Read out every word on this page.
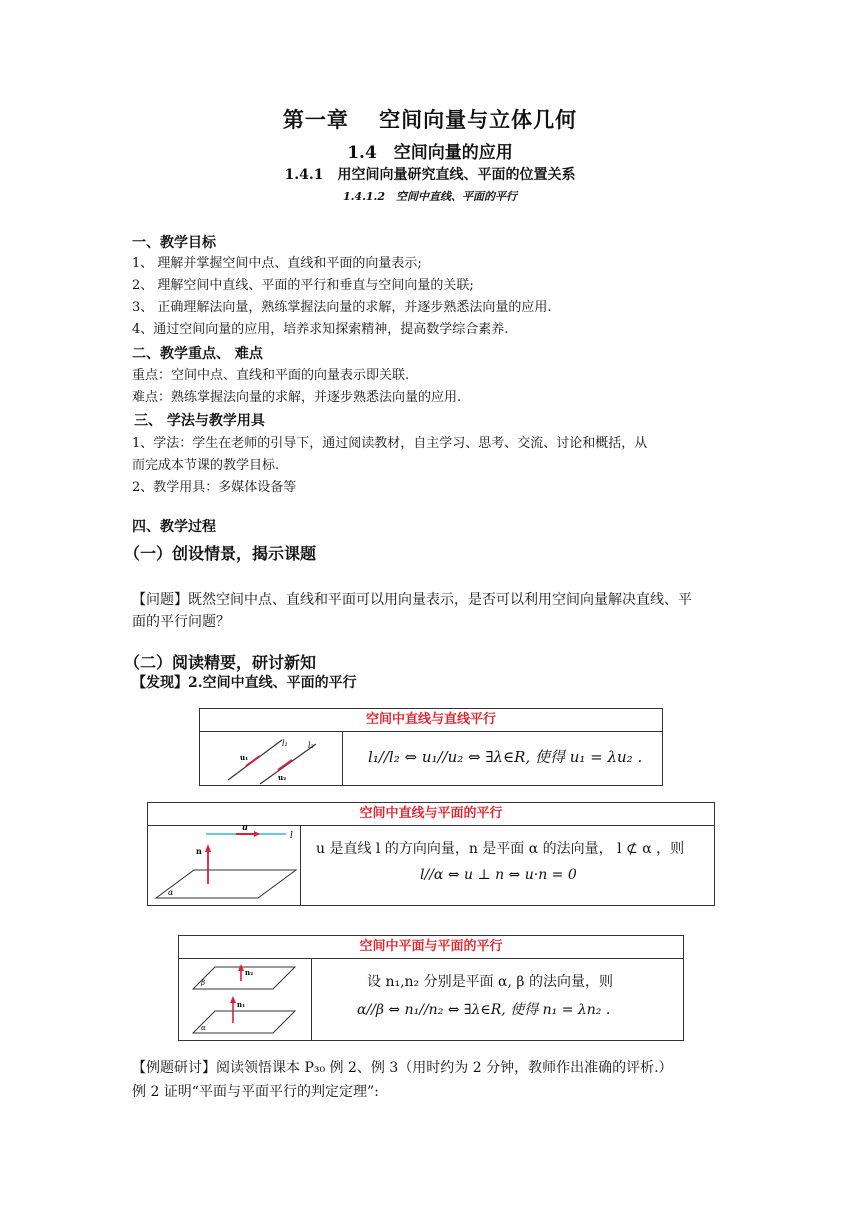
第一章　 空间向量与立体几何
1.4　空间向量的应用
1.4.1　用空间向量研究直线、平面的位置关系
1.4.1.2　空间中直线、平面的平行
一、教学目标
1、 理解并掌握空间中点、直线和平面的向量表示;
2、 理解空间中直线、平面的平行和垂直与空间向量的关联;
3、 正确理解法向量，熟练掌握法向量的求解，并逐步熟悉法向量的应用.
4、通过空间向量的应用，培养求知探索精神，提高数学综合素养.
二、教学重点、 难点
重点：空间中点、直线和平面的向量表示即关联.
难点：熟练掌握法向量的求解，并逐步熟悉法向量的应用.
三、 学法与教学用具
1、学法：学生在老师的引导下，通过阅读教材，自主学习、思考、交流、讨论和概括，从
而完成本节课的教学目标.
2、教学用具：多媒体设备等
四、教学过程
（一）创设情景，揭示课题
【问题】既然空间中点、直线和平面可以用向量表示，是否可以利用空间向量解决直线、平
面的平行问题？
（二）阅读精要，研讨新知
【发现】2.空间中直线、平面的平行
空间中直线与直线平行
l₁	l₂
u₁
u₂
l₁//l₂ ⇔ u₁//u₂ ⇔ ∃λ∈R, 使得 u₁ = λu₂ .
空间中直线与平面的平行
u
l
n
α
u 是直线 l 的方向向量，n 是平面 α 的法向量， l ⊄ α ，则
l//α ⇔ u ⊥ n ⇔ u·n = 0
空间中平面与平面的平行
n₂
β
n₁
α
设 n₁,n₂ 分别是平面 α, β 的法向量，则
α//β ⇔ n₁//n₂ ⇔ ∃λ∈R, 使得 n₁ = λn₂ .
【例题研讨】阅读领悟课本 P₃₀ 例 2、例 3（用时约为 2 分钟，教师作出准确的评析.）
例 2 证明“平面与平面平行的判定定理”:
